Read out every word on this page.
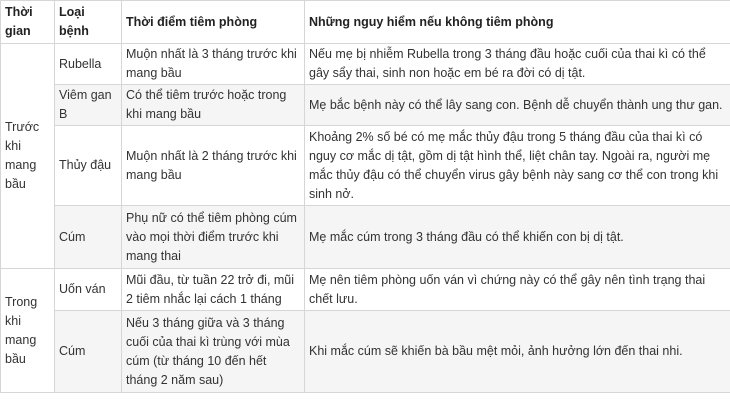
Thời gian	Loại bệnh	Thời điểm tiêm phòng	Những nguy hiểm nếu không tiêm phòng
Trước khi mang bầu	Rubella	Muộn nhất là 3 tháng trước khi mang bầu	Nếu mẹ bị nhiễm Rubella trong 3 tháng đầu hoặc cuối của thai kì có thể gây sẩy thai, sinh non hoặc em bé ra đời có dị tật.
	Viêm gan B	Có thể tiêm trước hoặc trong khi mang bầu	Mẹ bắc bệnh này có thể lây sang con. Bệnh dễ chuyển thành ung thư gan.
	Thủy đậu	Muộn nhất là 2 tháng trước khi mang bầu	Khoảng 2% số bé có mẹ mắc thủy đậu trong 5 tháng đầu của thai kì có nguy cơ mắc dị tật, gồm dị tật hình thể, liệt chân tay. Ngoài ra, người mẹ mắc thủy đậu có thể chuyển virus gây bệnh này sang cơ thể con trong khi sinh nở.
	Cúm	Phụ nữ có thể tiêm phòng cúm vào mọi thời điểm trước khi mang thai	Mẹ mắc cúm trong 3 tháng đầu có thể khiến con bị dị tật.
Trong khi mang bầu	Uốn ván	Mũi đầu, từ tuần 22 trở đi, mũi 2 tiêm nhắc lại cách 1 tháng	Mẹ nên tiêm phòng uốn ván vì chứng này có thể gây nên tình trạng thai chết lưu.
	Cúm	Nếu 3 tháng giữa và 3 tháng cuối của thai kì trùng với mùa cúm (từ tháng 10 đến hết tháng 2 năm sau)	Khi mắc cúm sẽ khiến bà bầu mệt mỏi, ảnh hưởng lớn đến thai nhi.
